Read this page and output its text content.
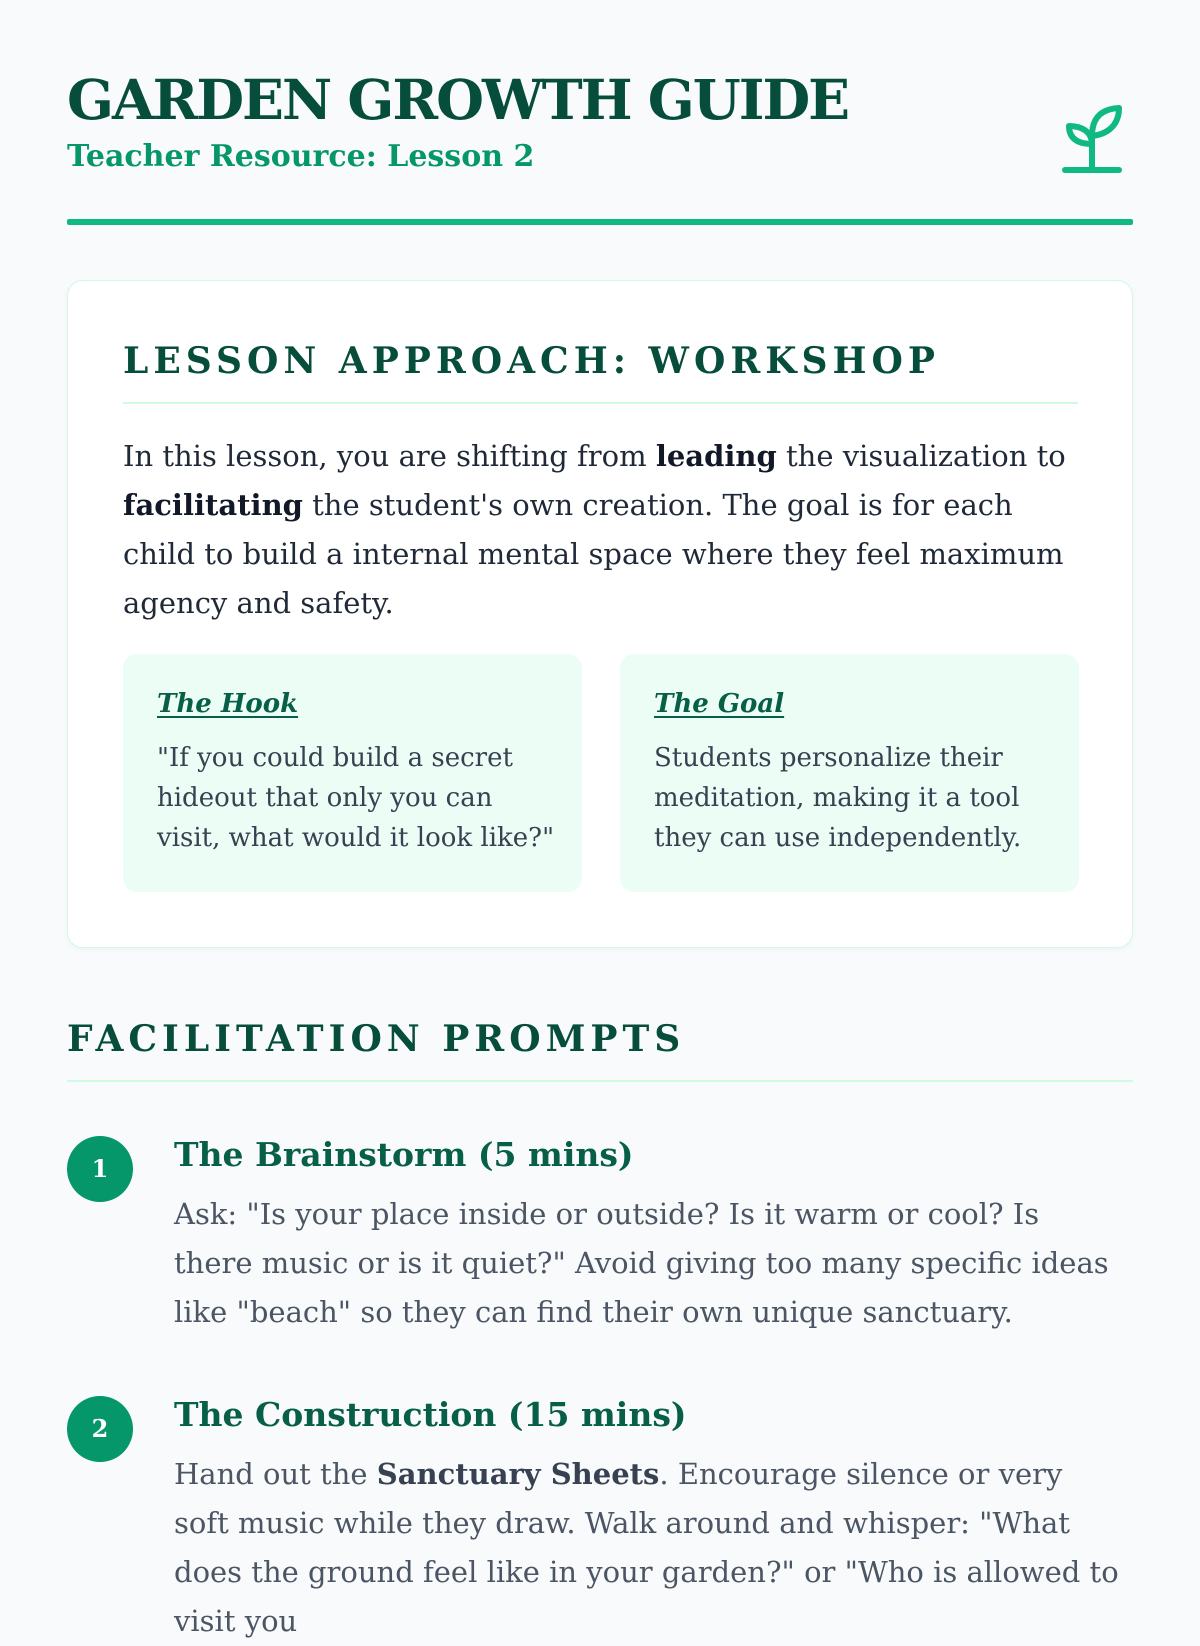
GARDEN GROWTH GUIDE
Teacher Resource: Lesson 2
LESSON APPROACH: WORKSHOP

In this lesson, you are shifting from leading the visualization to facilitating the student's own creation. The goal is for each child to build a internal mental space where they feel maximum agency and safety.

The Hook

"If you could build a secret hideout that only you can visit, what would it look like?"

The Goal

Students personalize their meditation, making it a tool they can use independently.

FACILITATION PROMPTS
1	The Brainstorm (5 mins)

Ask: "Is your place inside or outside? Is it warm or cool? Is there music or is it quiet?" Avoid giving too many specific ideas like "beach" so they can find their own unique sanctuary.

2	The Construction (15 mins)

Hand out the Sanctuary Sheets. Encourage silence or very soft music while they draw. Walk around and whisper: "What does the ground feel like in your garden?" or "Who is allowed to visit you
